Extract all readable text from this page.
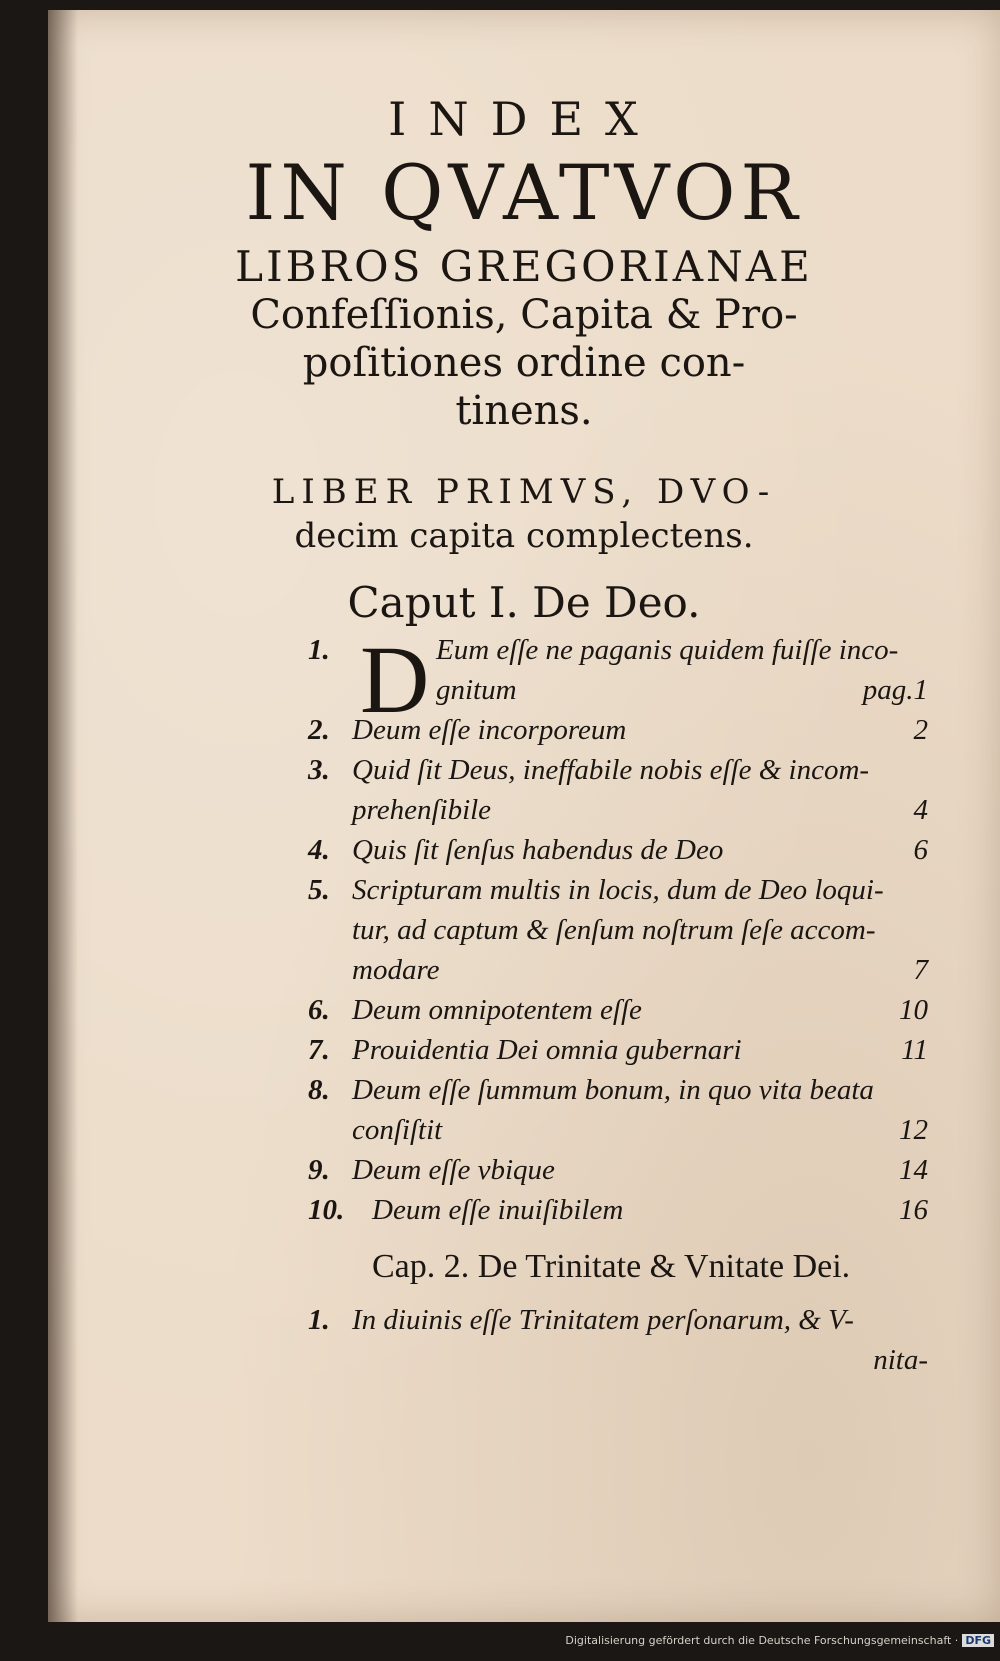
INDEX
IN QVATVOR
LIBROS GREGORIANAE
Confeſſionis, Capita & Pro-
poſitiones ordine con-
tinens.
LIBER PRIMVS, DVO-
decim capita complectens.
Caput I. De Deo.
1.	Eum eſſe ne paganis quidem fuiſſe inco-
gnitum	pag.1
2. Deum eſſe incorporeum	2
3. Quid ſit Deus, ineffabile nobis eſſe & incom-
prehenſibile	4
4. Quis ſit ſenſus habendus de Deo	6
5. Scripturam multis in locis, dum de Deo loqui-
tur, ad captum & ſenſum noſtrum ſeſe accom-
modare	7
6. Deum omnipotentem eſſe	10
7. Prouidentia Dei omnia gubernari	11
8. Deum eſſe ſummum bonum, in quo vita beata
conſiſtit	12
9. Deum eſſe vbique	14
10. Deum eſſe inuiſibilem	16
D
Cap. 2. De Trinitate & Vnitate Dei.
1. In diuinis eſſe Trinitatem perſonarum, & V-
nita-
Digitalisierung gefördert durch die Deutsche Forschungsgemeinschaft · DFG
